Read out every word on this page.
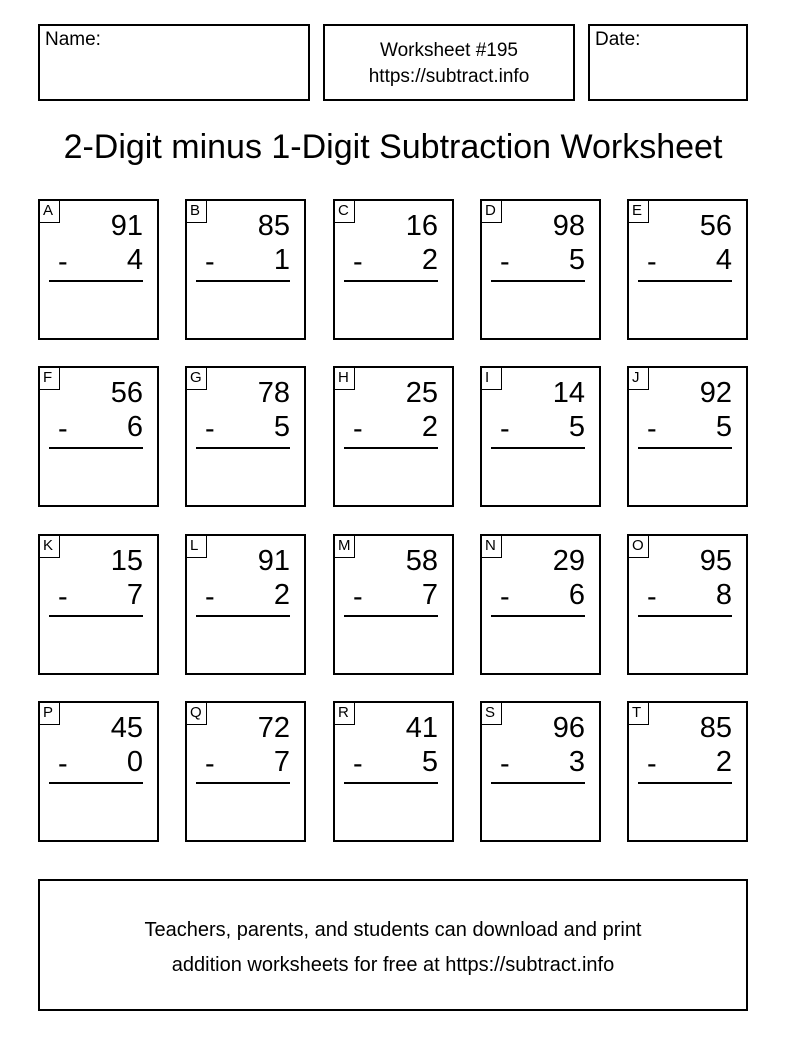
Name:
Worksheet #195
https://subtract.info
Date:
2-Digit minus 1-Digit Subtraction Worksheet
A 91
- 4
B 85
- 1
C 16
- 2
D 98
- 5
E 56
- 4
F 56
- 6
G 78
- 5
H 25
- 2
I	14
- 5
J	92
- 5
K 15
- 7
L 91
- 2
M 58
- 7
N 29
- 6
O 95
- 8
P 45
- 0
Q 72
- 7
R 41
- 5
S 96
- 3
T 85
- 2
Teachers, parents, and students can download and print
addition worksheets for free at https://subtract.info
